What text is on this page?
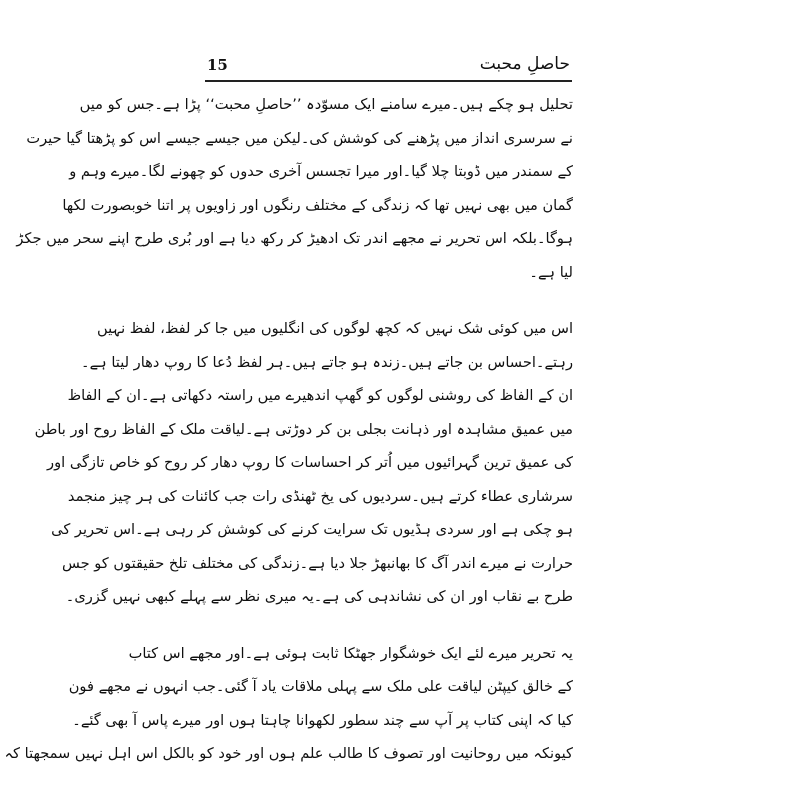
15	حاصلِ محبت

تحلیل ہو چکے ہیں۔میرے سامنے ایک مسوّدہ ’’حاصلِ محبت‘‘ پڑا ہے۔جس کو میں
نے سرسری انداز میں پڑھنے کی کوشش کی۔لیکن میں جیسے جیسے اس کو پڑھتا گیا حیرت
کے سمندر میں ڈوبتا چلا گیا۔اور میرا تجسس آخری حدوں کو چھونے لگا۔میرے وہم و
گمان میں بھی نہیں تھا کہ زندگی کے مختلف رنگوں اور زاویوں پر اتنا خوبصورت لکھا
ہوگا۔بلکہ اس تحریر نے مجھے اندر تک ادھیڑ کر رکھ دیا ہے اور بُری طرح اپنے سحر میں جکڑ
لیا ہے۔

اس میں کوئی شک نہیں کہ کچھ لوگوں کی انگلیوں میں جا کر لفظ، لفظ نہیں
رہتے۔احساس بن جاتے ہیں۔زندہ ہو جاتے ہیں۔ہر لفظ دُعا کا روپ دھار لیتا ہے۔
ان کے الفاظ کی روشنی لوگوں کو گھپ اندھیرے میں راستہ دکھاتی ہے۔ان کے الفاظ
میں عمیق مشاہدہ اور ذہانت بجلی بن کر دوڑتی ہے۔لیاقت ملک کے الفاظ روح اور باطن
کی عمیق ترین گہرائیوں میں اُتر کر احساسات کا روپ دھار کر روح کو خاص تازگی اور
سرشاری عطاء کرتے ہیں۔سردیوں کی یخ ٹھنڈی رات جب کائنات کی ہر چیز منجمد
ہو چکی ہے اور سردی ہڈیوں تک سرایت کرنے کی کوشش کر رہی ہے۔اس تحریر کی
حرارت نے میرے اندر آگ کا بھانبھڑ جلا دیا ہے۔زندگی کی مختلف تلخ حقیقتوں کو جس
طرح بے نقاب اور ان کی نشاندہی کی ہے۔یہ میری نظر سے پہلے کبھی نہیں گزری۔

یہ تحریر میرے لئے ایک خوشگوار جھٹکا ثابت ہوئی ہے۔اور مجھے اس کتاب
کے خالق کیپٹن لیاقت علی ملک سے پہلی ملاقات یاد آ گئی۔جب انہوں نے مجھے فون
کیا کہ اپنی کتاب پر آپ سے چند سطور لکھوانا چاہتا ہوں اور میرے پاس آ بھی گئے۔
کیونکہ میں روحانیت اور تصوف کا طالب علم ہوں اور خود کو بالکل اس اہل نہیں سمجھتا کہ
